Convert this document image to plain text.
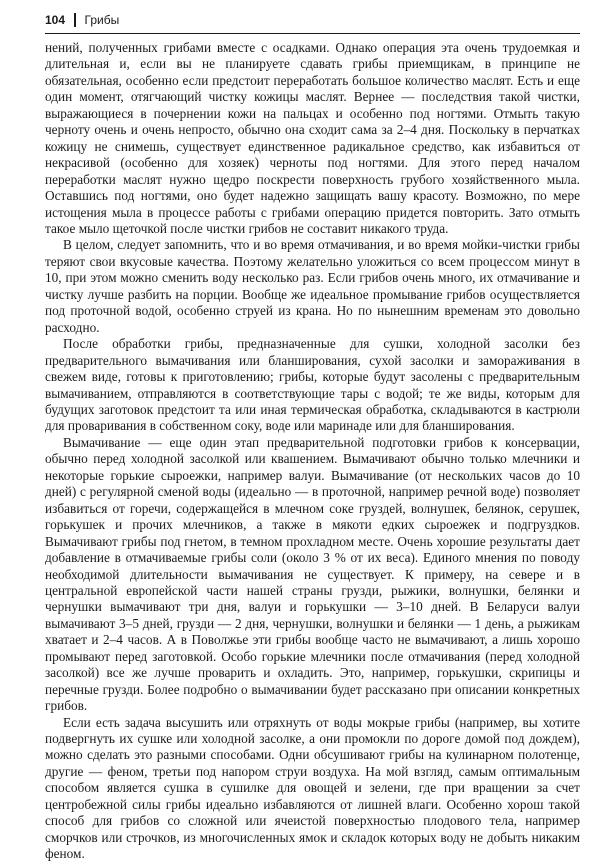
104 Грибы

нений, полученных грибами вместе с осадками. Однако операция эта очень трудоемкая и длительная и, если вы не планируете сдавать грибы приемщикам, в принципе не обязательная, особенно если предстоит переработать большое количество маслят. Есть и еще один момент, отягчающий чистку кожицы маслят. Вернее — последствия такой чистки, выражающиеся в почернении кожи на пальцах и особенно под ногтями. Отмыть такую черноту очень и очень непросто, обычно она сходит сама за 2–4 дня. Поскольку в перчатках кожицу не снимешь, существует единственное радикальное средство, как избавиться от некрасивой (особенно для хозяек) черноты под ногтями. Для этого перед началом переработки маслят нужно щедро поскрести поверхность грубого хозяйственного мыла. Оставшись под ногтями, оно будет надежно защищать вашу красоту. Возможно, по мере истощения мыла в процессе работы с грибами операцию придется повторить. Зато отмыть такое мыло щеточкой после чистки грибов не составит никакого труда.

В целом, следует запомнить, что и во время отмачивания, и во время мойки-чистки грибы теряют свои вкусовые качества. Поэтому желательно уложиться со всем процессом минут в 10, при этом можно сменить воду несколько раз. Если грибов очень много, их отмачивание и чистку лучше разбить на порции. Вообще же идеальное промывание грибов осуществляется под проточной водой, особенно струей из крана. Но по нынешним временам это довольно расходно.

После обработки грибы, предназначенные для сушки, холодной засолки без предварительного вымачивания или бланширования, сухой засолки и замораживания в свежем виде, готовы к приготовлению; грибы, которые будут засолены с предварительным вымачиванием, отправляются в соответствующие тары с водой; те же виды, которым для будущих заготовок предстоит та или иная термическая обработка, складываются в кастрюли для проваривания в собственном соку, воде или маринаде или для бланширования.

Вымачивание — еще один этап предварительной подготовки грибов к консервации, обычно перед холодной засолкой или квашением. Вымачивают обычно только млечники и некоторые горькие сыроежки, например валуи. Вымачивание (от нескольких часов до 10 дней) с регулярной сменой воды (идеально — в проточной, например речной воде) позволяет избавиться от горечи, содержащейся в млечном соке груздей, волнушек, белянок, серушек, горькушек и прочих млечников, а также в мякоти едких сыроежек и подгруздков. Вымачивают грибы под гнетом, в темном прохладном месте. Очень хорошие результаты дает добавление в отмачиваемые грибы соли (около 3 % от их веса). Единого мнения по поводу необходимой длительности вымачивания не существует. К примеру, на севере и в центральной европейской части нашей страны грузди, рыжики, волнушки, белянки и чернушки вымачивают три дня, валуи и горькушки — 3–10 дней. В Беларуси валуи вымачивают 3–5 дней, грузди — 2 дня, чернушки, волнушки и белянки — 1 день, а рыжикам хватает и 2–4 часов. А в Поволжье эти грибы вообще часто не вымачивают, а лишь хорошо промывают перед заготовкой. Особо горькие млечники после отмачивания (перед холодной засолкой) все же лучше проварить и охладить. Это, например, горькушки, скрипицы и перечные грузди. Более подробно о вымачивании будет рассказано при описании конкретных грибов.

Если есть задача высушить или отряхнуть от воды мокрые грибы (например, вы хотите подвергнуть их сушке или холодной засолке, а они промокли по дороге домой под дождем), можно сделать это разными способами. Одни обсушивают грибы на кулинарном полотенце, другие — феном, третьи под напором струи воздуха. На мой взгляд, самым оптимальным способом является сушка в сушилке для овощей и зелени, где при вращении за счет центробежной силы грибы идеально избавляются от лишней влаги. Особенно хорош такой способ для грибов со сложной или ячеистой поверхностью плодового тела, например сморчков или строчков, из многочисленных ямок и складок которых воду не добыть никаким феном.
